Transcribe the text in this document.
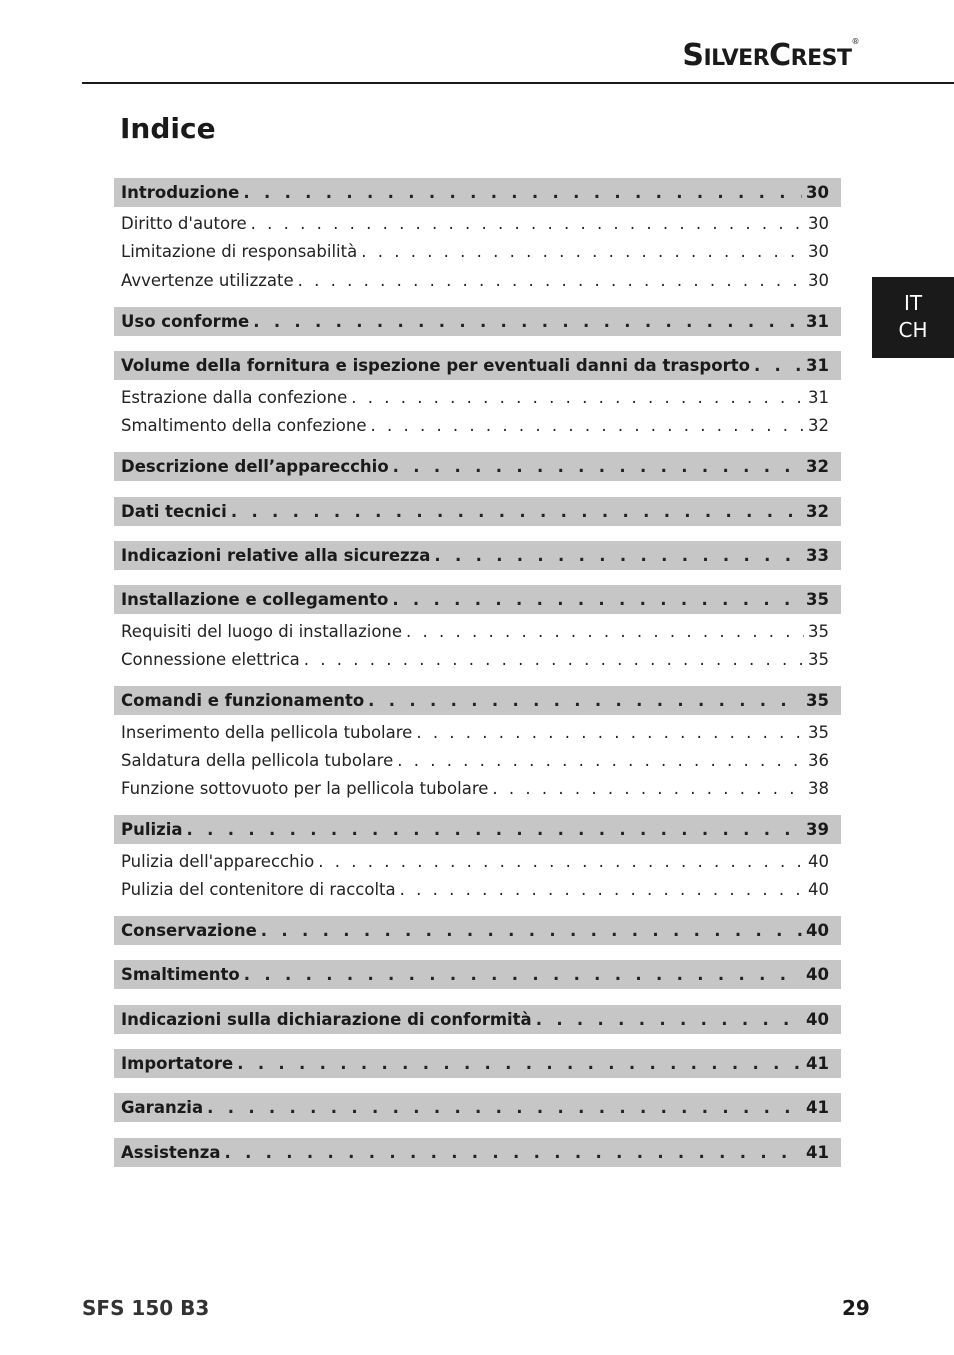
SILVERCREST®
Indice
IT
CH
Introduzione . . .	30
Diritto d'autore . . .	30
Limitazione di responsabilità . . .	30
Avvertenze utilizzate . . .	30
Uso conforme . . .	31
Volume della fornitura e ispezione per eventuali danni da trasporto . . .	31
Estrazione dalla confezione . . .	31
Smaltimento della confezione . . .	32
Descrizione dell’apparecchio . . .	32
Dati tecnici . . .	32
Indicazioni relative alla sicurezza . . .	33
Installazione e collegamento . . .	35
Requisiti del luogo di installazione . . .	35
Connessione elettrica . . .	35
Comandi e funzionamento . . .	35
Inserimento della pellicola tubolare . . .	35
Saldatura della pellicola tubolare . . .	36
Funzione sottovuoto per la pellicola tubolare . . .	38
Pulizia . . .	39
Pulizia dell'apparecchio . . .	40
Pulizia del contenitore di raccolta . . .	40
Conservazione . . .	40
Smaltimento . . .	40
Indicazioni sulla dichiarazione di conformità . . .	40
Importatore . . .	41
Garanzia . . .	41
Assistenza . . .	41
SFS 150 B3	29
